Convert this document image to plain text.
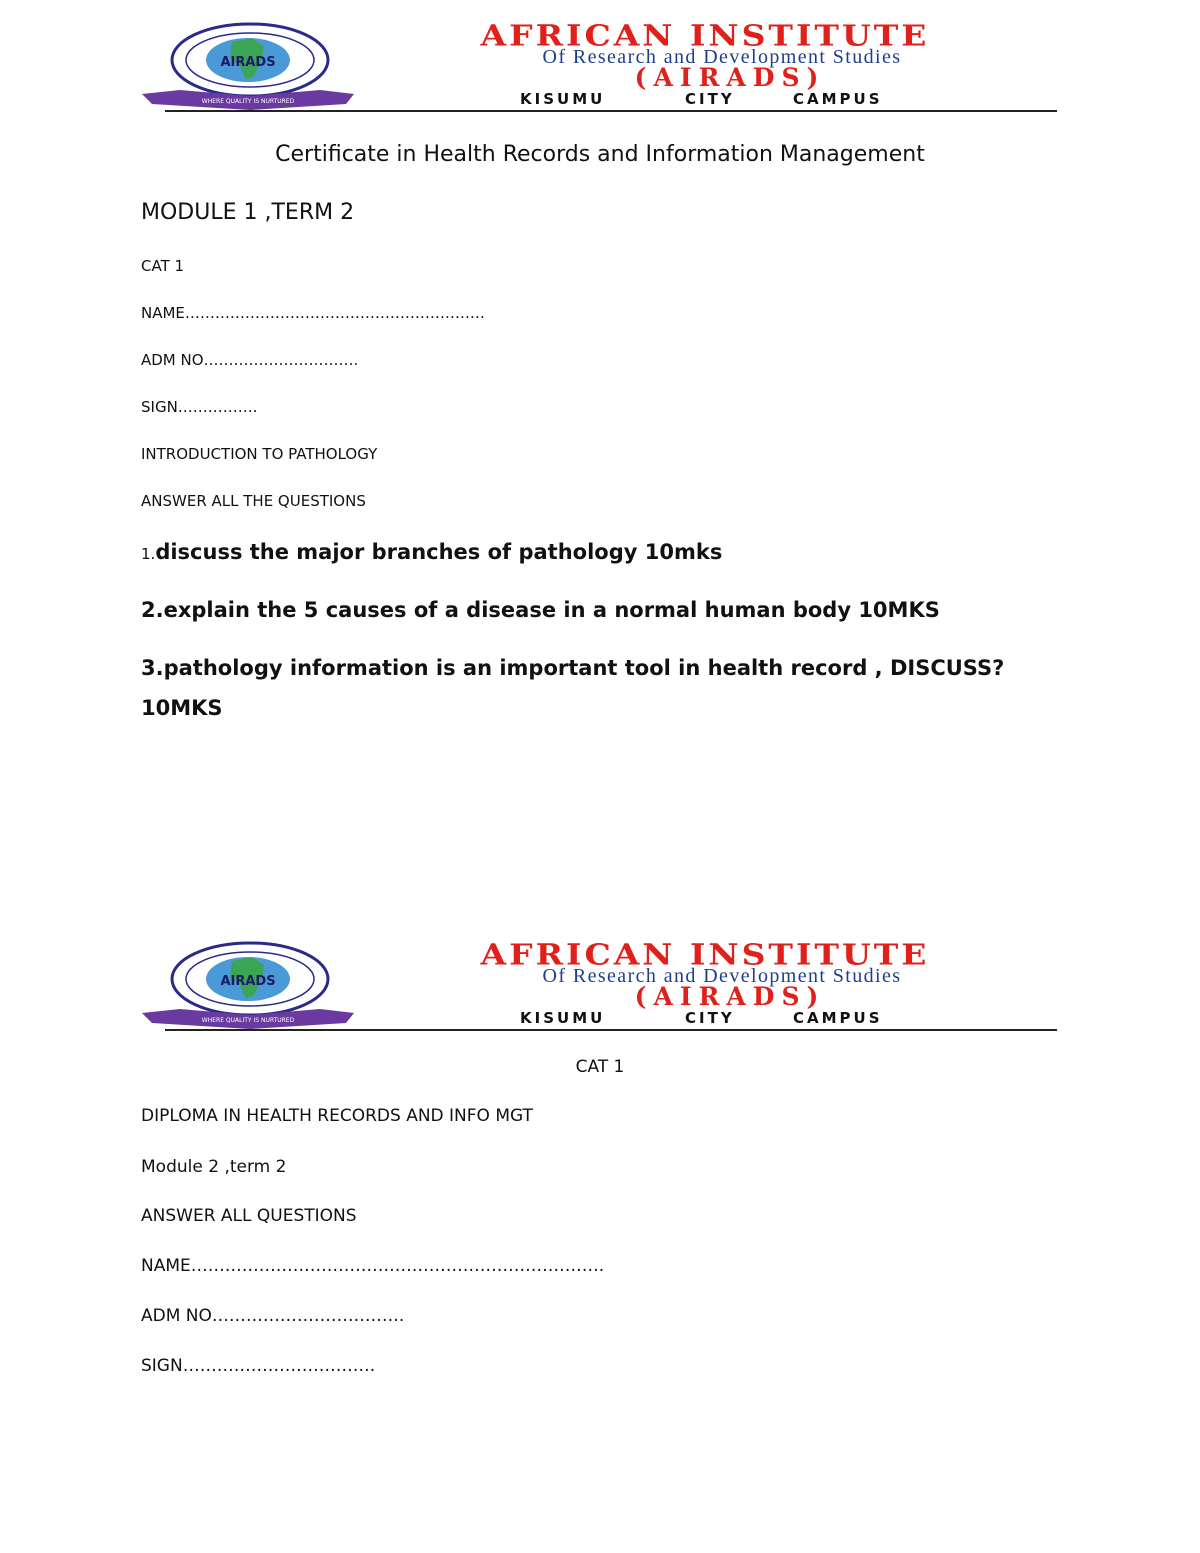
AIRADS
WHERE QUALITY IS NURTURED
AFRICAN INSTITUTE
Of Research and Development Studies
(AIRADS)
KISUMU	CITY	CAMPUS
Certificate in Health Records and Information Management
MODULE 1 ,TERM 2
CAT 1
NAME……………………………………………………
ADM NO………………………….
SIGN…………….
INTRODUCTION TO PATHOLOGY
ANSWER ALL THE QUESTIONS
1.discuss the major branches of pathology 10mks
2.explain the 5 causes of a disease in a normal human body 10MKS
3.pathology information is an important tool in health record , DISCUSS?
10MKS
AIRADS
WHERE QUALITY IS NURTURED
AFRICAN INSTITUTE
Of Research and Development Studies
(AIRADS)
KISUMU	CITY	CAMPUS
CAT 1
DIPLOMA IN HEALTH RECORDS AND INFO MGT
Module 2 ,term 2
ANSWER ALL QUESTIONS
NAME……………………………………………………………….
ADM NO…………………………….
SIGN…………………………….
